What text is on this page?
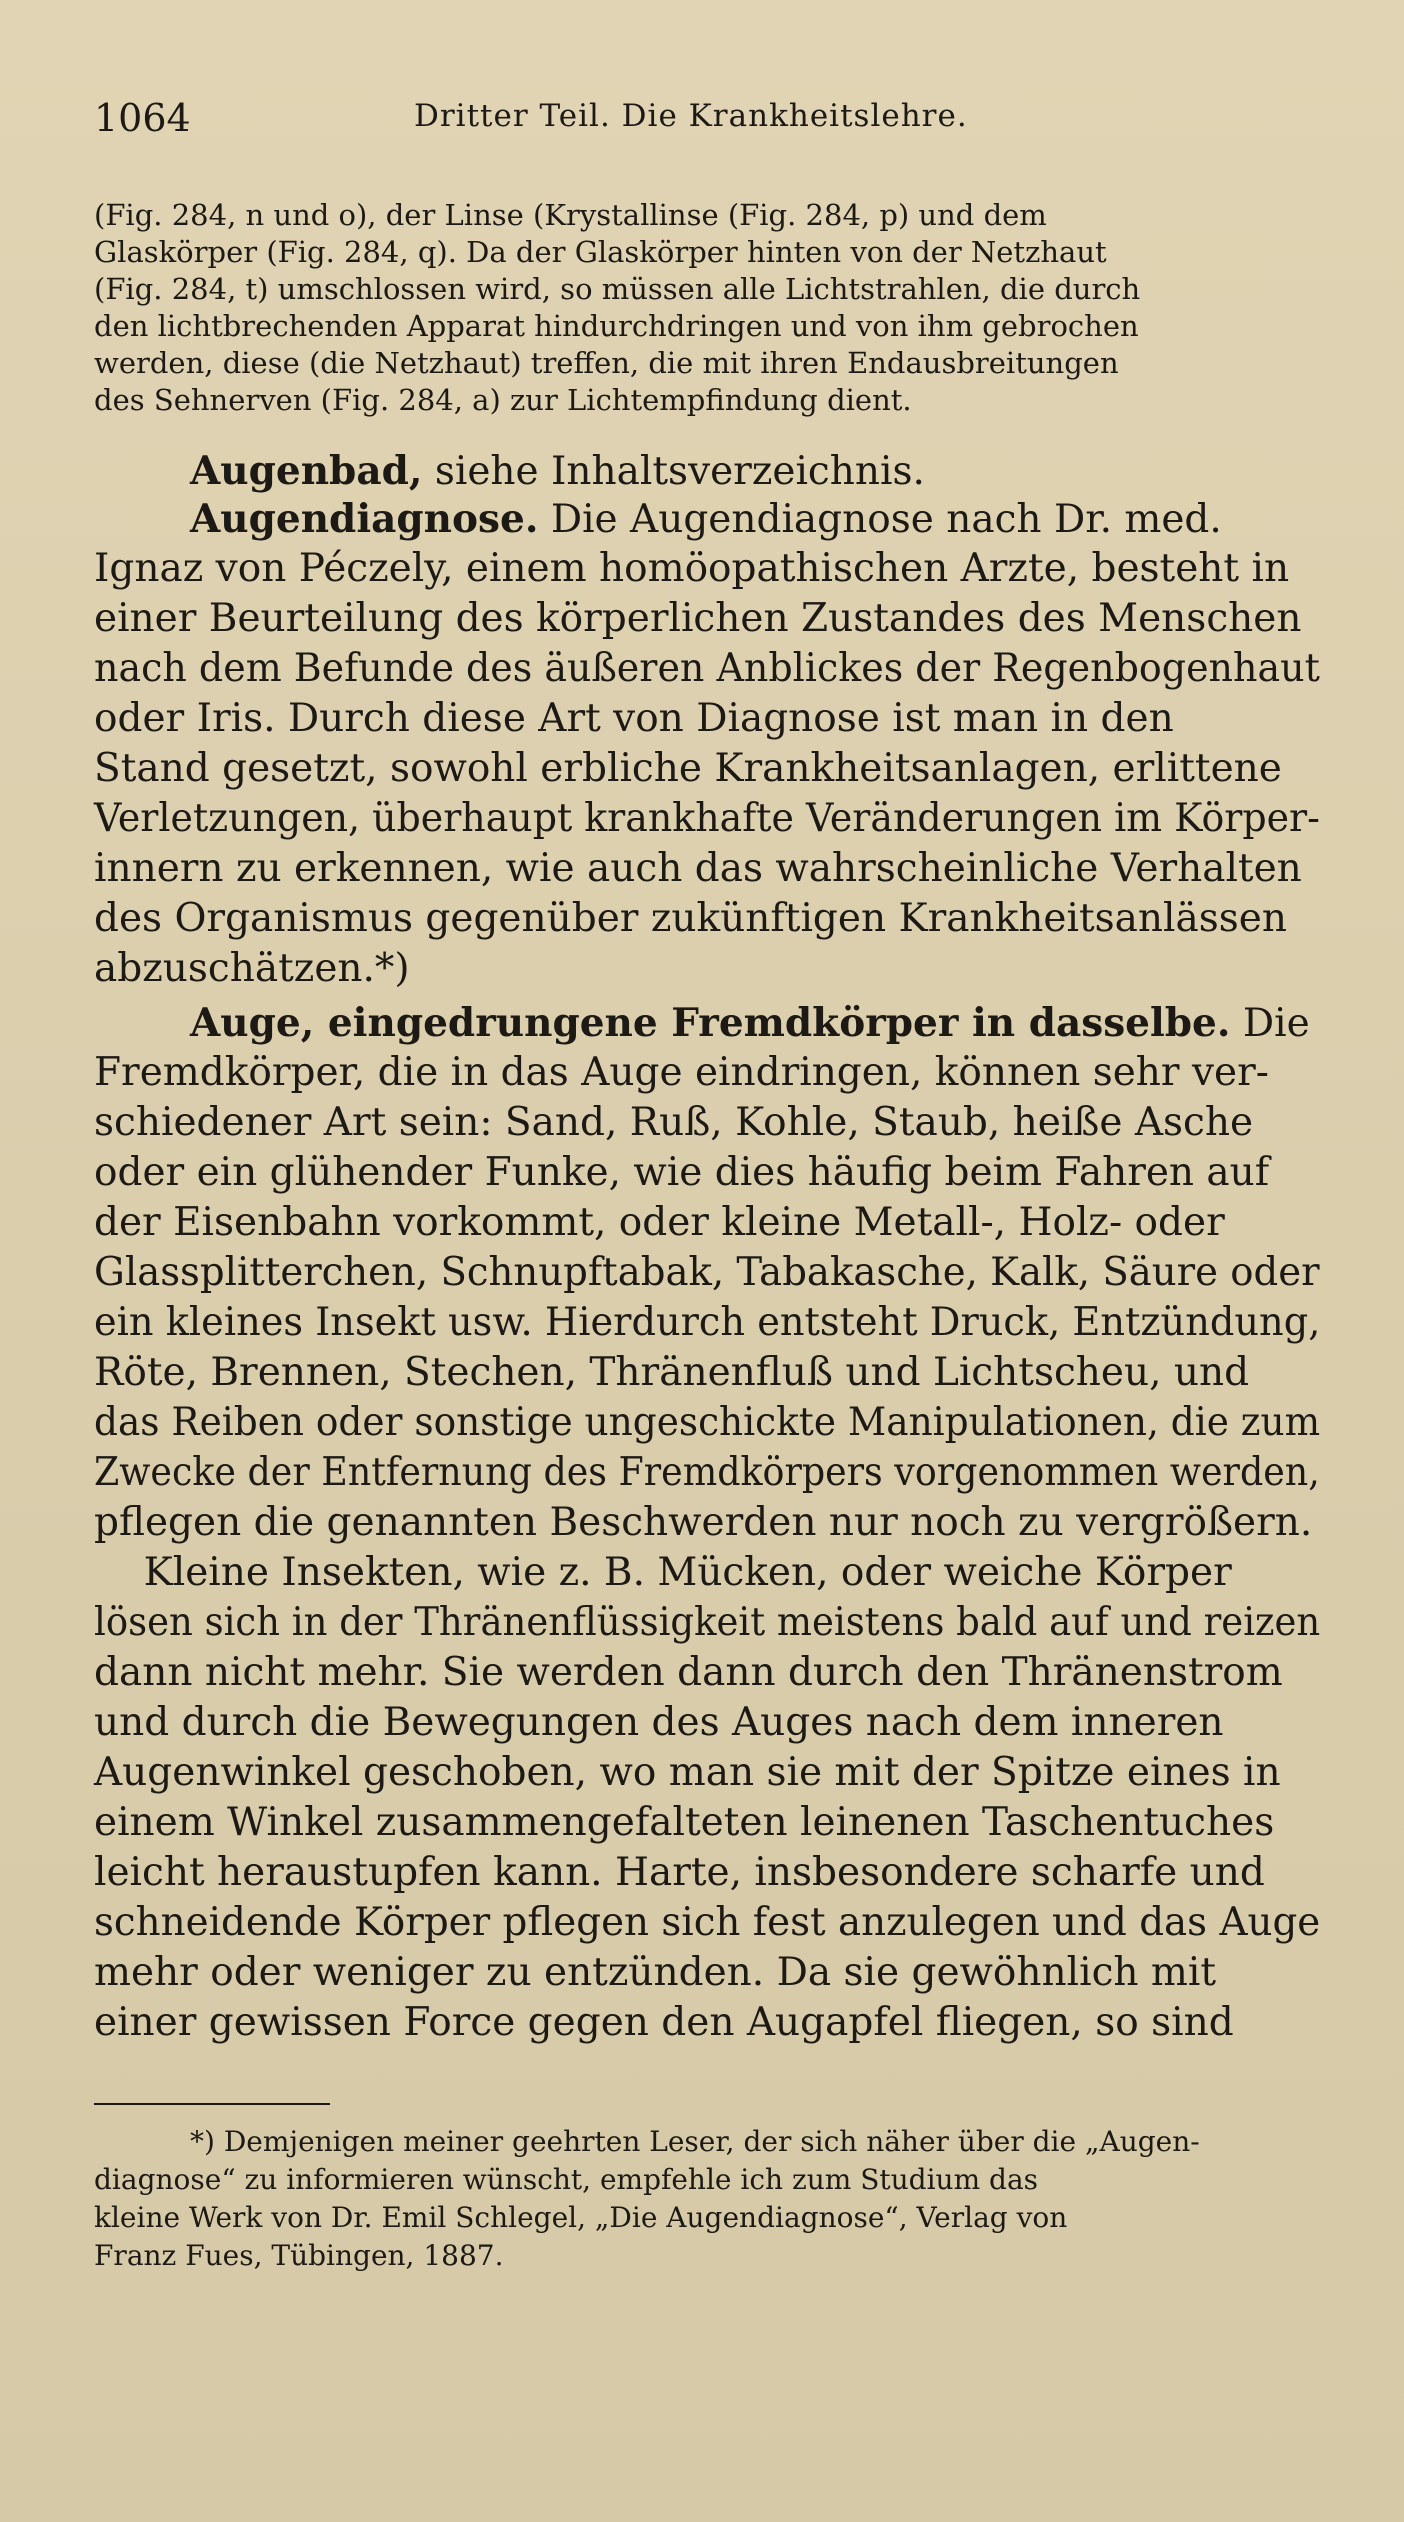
1064	Dritter Teil. Die Krankheitslehre.
(Fig. 284, n und o), der Linse (Krystallinse (Fig. 284, p) und dem
Glaskörper (Fig. 284, q). Da der Glaskörper hinten von der Netzhaut
(Fig. 284, t) umschlossen wird, so müssen alle Lichtstrahlen, die durch
den lichtbrechenden Apparat hindurchdringen und von ihm gebrochen
werden, diese (die Netzhaut) treffen, die mit ihren Endausbreitungen
des Sehnerven (Fig. 284, a) zur Lichtempfindung dient.
Augenbad, siehe Inhaltsverzeichnis.
Augendiagnose. Die Augendiagnose nach Dr. med.
Ignaz von Péczely, einem homöopathischen Arzte, besteht in
einer Beurteilung des körperlichen Zustandes des Menschen
nach dem Befunde des äußeren Anblickes der Regenbogenhaut
oder Iris. Durch diese Art von Diagnose ist man in den
Stand gesetzt, sowohl erbliche Krankheitsanlagen, erlittene
Verletzungen, überhaupt krankhafte Veränderungen im Körper-
innern zu erkennen, wie auch das wahrscheinliche Verhalten
des Organismus gegenüber zukünftigen Krankheitsanlässen
abzuschätzen.*)
Auge, eingedrungene Fremdkörper in dasselbe. Die
Fremdkörper, die in das Auge eindringen, können sehr ver-
schiedener Art sein: Sand, Ruß, Kohle, Staub, heiße Asche
oder ein glühender Funke, wie dies häufig beim Fahren auf
der Eisenbahn vorkommt, oder kleine Metall-, Holz- oder
Glassplitterchen, Schnupftabak, Tabakasche, Kalk, Säure oder
ein kleines Insekt usw. Hierdurch entsteht Druck, Entzündung,
Röte, Brennen, Stechen, Thränenfluß und Lichtscheu, und
das Reiben oder sonstige ungeschickte Manipulationen, die zum
Zwecke der Entfernung des Fremdkörpers vorgenommen werden,
pflegen die genannten Beschwerden nur noch zu vergrößern.
Kleine Insekten, wie z. B. Mücken, oder weiche Körper
lösen sich in der Thränenflüssigkeit meistens bald auf und reizen
dann nicht mehr. Sie werden dann durch den Thränenstrom
und durch die Bewegungen des Auges nach dem inneren
Augenwinkel geschoben, wo man sie mit der Spitze eines in
einem Winkel zusammengefalteten leinenen Taschentuches
leicht heraustupfen kann. Harte, insbesondere scharfe und
schneidende Körper pflegen sich fest anzulegen und das Auge
mehr oder weniger zu entzünden. Da sie gewöhnlich mit
einer gewissen Force gegen den Augapfel fliegen, so sind
*) Demjenigen meiner geehrten Leser, der sich näher über die „Augen-
diagnose“ zu informieren wünscht, empfehle ich zum Studium das
kleine Werk von Dr. Emil Schlegel, „Die Augendiagnose“, Verlag von
Franz Fues, Tübingen, 1887.
